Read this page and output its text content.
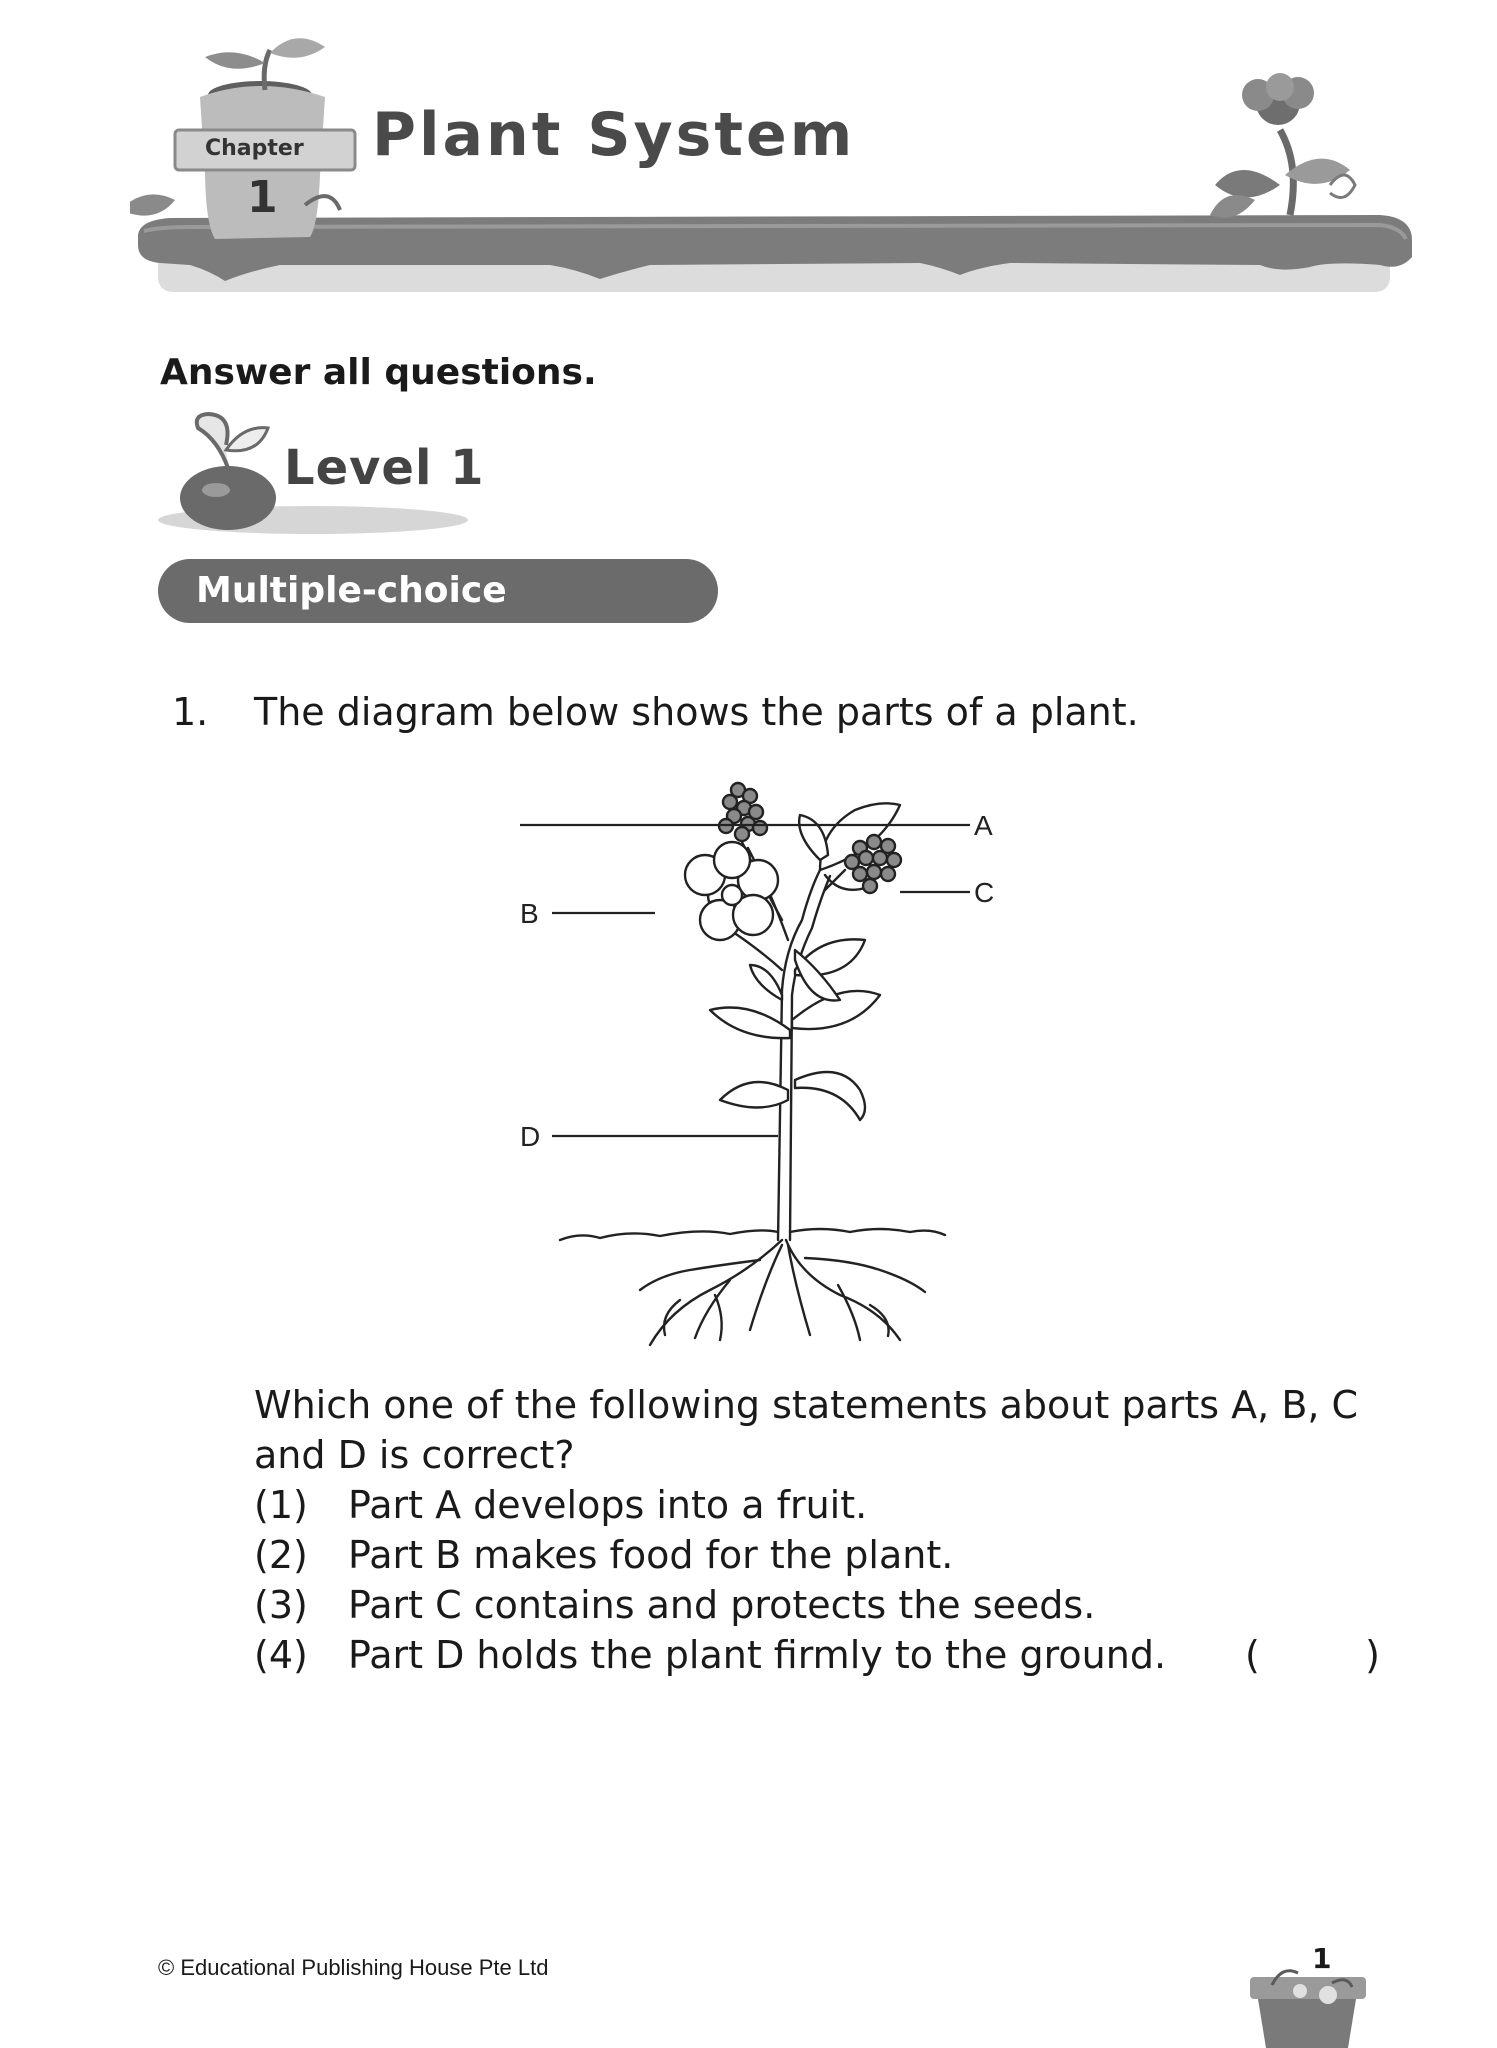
Chapter
1
Plant System
Answer all questions.
Level 1
Multiple-choice Questions
1. The diagram below shows the parts of a plant.
A
C
B
D
Which one of the following statements about parts A, B, C and D is correct?
(1) Part A develops into a fruit.
(2) Part B makes food for the plant.
(3) Part C contains and protects the seeds.
(4) Part D holds the plant firmly to the ground. (	)
© Educational Publishing House Pte Ltd	1
